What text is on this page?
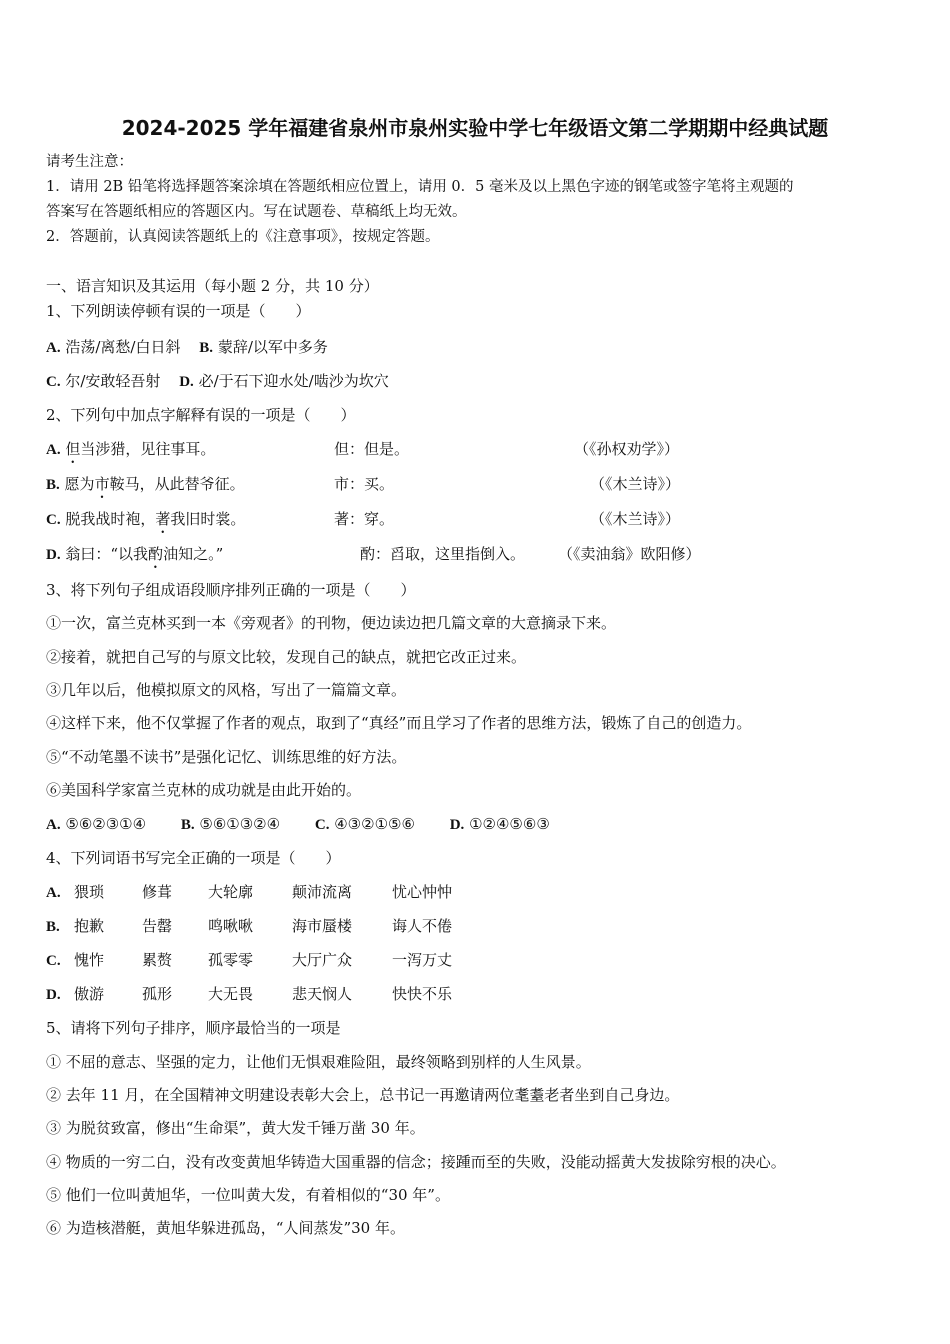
2024-2025 学年福建省泉州市泉州实验中学七年级语文第二学期期中经典试题
请考生注意：
1．请用 2B 铅笔将选择题答案涂填在答题纸相应位置上，请用 0．5 毫米及以上黑色字迹的钢笔或签字笔将主观题的
答案写在答题纸相应的答题区内。写在试题卷、草稿纸上均无效。
2．答题前，认真阅读答题纸上的《注意事项》，按规定答题。
一、语言知识及其运用（每小题 2 分，共 10 分）
1、下列朗读停顿有误的一项是（　　）
A. 浩荡/离愁/白日斜 B. 蒙辞/以军中多务
C. 尔/安敢轻吾射 D. 必/于石下迎水处/啮沙为坎穴
2、下列句中加点字解释有误的一项是（　　）
A. 但当涉猎，见往事耳。	但：但是。	（《孙权劝学》）
B. 愿为市鞍马，从此替爷征。	市：买。	（《木兰诗》）
C. 脱我战时袍，著我旧时裳。	著：穿。	（《木兰诗》）
D. 翁曰：“以我酌油知之。”	酌：舀取，这里指倒入。 （《卖油翁》欧阳修）
3、将下列句子组成语段顺序排列正确的一项是（　　）
①一次，富兰克林买到一本《旁观者》的刊物，便边读边把几篇文章的大意摘录下来。
②接着，就把自己写的与原文比较，发现自己的缺点，就把它改正过来。
③几年以后，他模拟原文的风格，写出了一篇篇文章。
④这样下来，他不仅掌握了作者的观点，取到了“真经”而且学习了作者的思维方法，锻炼了自己的创造力。
⑤“不动笔墨不读书”是强化记忆、训练思维的好方法。
⑥美国科学家富兰克林的成功就是由此开始的。
A. ⑤⑥②③①④ B. ⑤⑥①③②④ C. ④③②①⑤⑥ D. ①②④⑤⑥③
4、下列词语书写完全正确的一项是（　　）
A. 猥琐	修葺 大轮廓	颠沛流离	忧心忡忡
B. 抱歉	告罄 鸣啾啾	海市蜃楼	诲人不倦
C. 愧怍	累赘 孤零零	大厅广众	一泻万丈
D. 傲游	孤形 大无畏	悲天悯人	快快不乐
5、请将下列句子排序，顺序最恰当的一项是
① 不屈的意志、坚强的定力，让他们无惧艰难险阻，最终领略到别样的人生风景。
② 去年 11 月，在全国精神文明建设表彰大会上，总书记一再邀请两位耄耋老者坐到自己身边。
③ 为脱贫致富，修出“生命渠”，黄大发千锤万凿 30 年。
④ 物质的一穷二白，没有改变黄旭华铸造大国重器的信念；接踵而至的失败，没能动摇黄大发拔除穷根的决心。
⑤ 他们一位叫黄旭华，一位叫黄大发，有着相似的“30 年”。
⑥ 为造核潜艇，黄旭华躲进孤岛，“人间蒸发”30 年。
